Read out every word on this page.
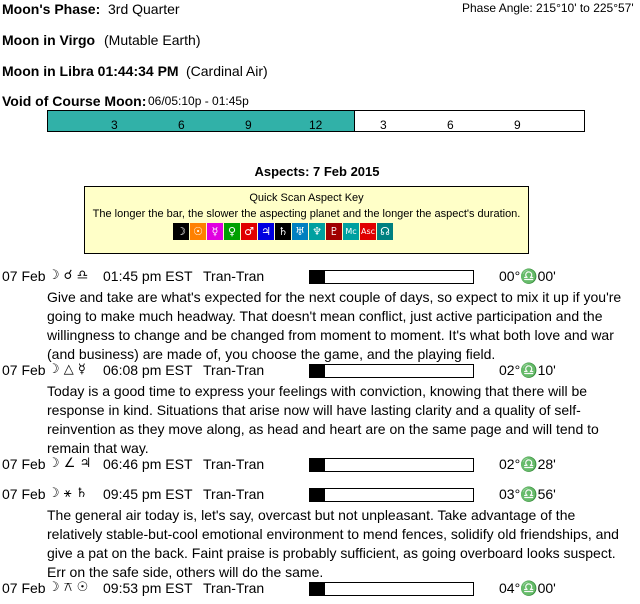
Moon's Phase: 3rd Quarter	Phase Angle: 215°10' to 225°57'
Moon in Virgo (Mutable Earth)
Moon in Libra 01:44:34 PM (Cardinal Air)
Void of Course Moon: 06/05:10p - 01:45p
3	6	9	12	3	6	9
Aspects: 7 Feb 2015
Quick Scan Aspect Key
The longer the bar, the slower the aspecting planet and the longer the aspect's duration.
☽ ☉ ☿ ♀ ♂ ♃ ♄ ♅ ♆ ♇ Mc Asc ☊
07 Feb ☽ ☌ ♎ 01:45 pm EST Tran-Tran	00°♎00'
Give and take are what's expected for the next couple of days, so expect to mix it up if you're going to make much headway. That doesn't mean conflict, just active participation and the willingness to change and be changed from moment to moment. It's what both love and war (and business) are made of, you choose the game, and the playing field.
07 Feb ☽ △ ☿ 06:08 pm EST Tran-Tran	02°♎10'
Today is a good time to express your feelings with conviction, knowing that there will be response in kind. Situations that arise now will have lasting clarity and a quality of self-reinvention as they move along, as head and heart are on the same page and will tend to remain that way.
07 Feb ☽ ∠ ♃ 06:46 pm EST Tran-Tran	02°♎28'
07 Feb ☽ ⚹ ♄ 09:45 pm EST Tran-Tran	03°♎56'
The general air today is, let's say, overcast but not unpleasant. Take advantage of the relatively stable-but-cool emotional environment to mend fences, solidify old friendships, and give a pat on the back. Faint praise is probably sufficient, as going overboard looks suspect. Err on the safe side, others will do the same.
07 Feb ☽ ⚻ ☉ 09:53 pm EST Tran-Tran	04°♎00'
